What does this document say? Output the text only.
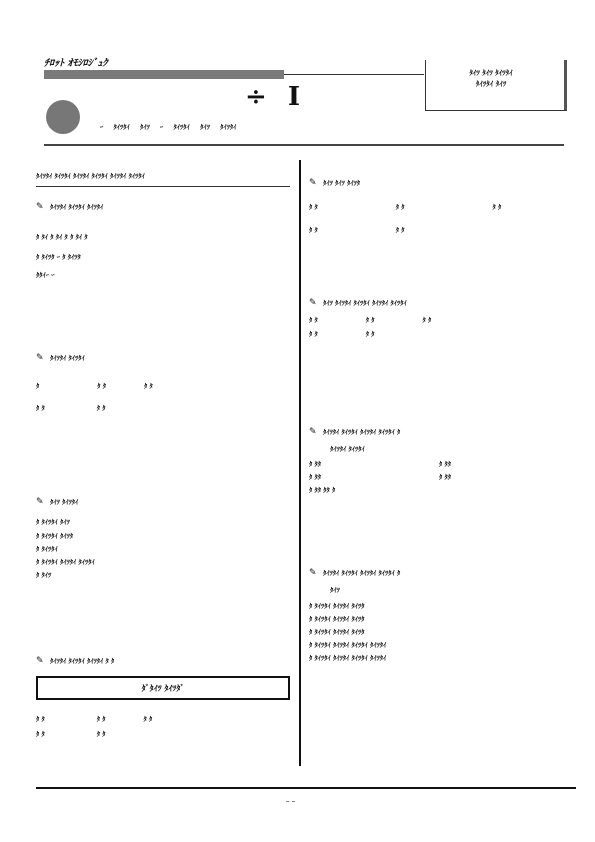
ﾁﾛｯﾄ ｵﾓｼﾛｼﾞｭｸ
ﾀｲﾂ ﾀｲﾂ ﾀｲﾂﾀｲ
ﾀｲﾂﾀｲ ﾀｲﾂ
÷ I
ｰ ﾀｲﾂﾀｲ ﾀｲﾂ ｰ ﾀｲﾂﾀｲ ﾀｲﾂ ﾀｲﾂﾀｲ
ﾀｲﾂﾀｲ ﾀｲﾂﾀｲ ﾀｲﾂﾀｲ ﾀｲﾂﾀｲ ﾀｲﾂﾀｲ ﾀｲﾂﾀｲ
✎ ﾀｲﾂﾀｲ ﾀｲﾂﾀｲ ﾀｲﾂﾀｲ
ﾀ ﾀｲ ﾀ ﾀｲ ﾀ ﾀ ﾀｲ ﾀ
ﾀ ﾀｲﾂﾀ ｰ ﾀ ﾀｲﾂﾀ
ﾀﾀｲｰ ｰ
✎ ﾀｲﾂﾀｲ ﾀｲﾂﾀｲ
ﾀ	ﾀ ﾀ	ﾀ ﾀ
ﾀ ﾀ	ﾀ ﾀ
✎ ﾀｲﾂ ﾀｲﾂﾀｲ
ﾀ ﾀｲﾂﾀｲ ﾀｲﾂ
ﾀ ﾀｲﾂﾀｲ ﾀｲﾂﾀ
ﾀ ﾀｲﾂﾀｲ
ﾀ ﾀｲﾂﾀｲ ﾀｲﾂﾀｲ ﾀｲﾂﾀｲ
ﾀ ﾀｲﾂ
✎ ﾀｲﾂﾀｲ ﾀｲﾂﾀｲ ﾀｲﾂﾀｲ ﾀ ﾀ
ﾀﾞﾀｲﾂ ﾀｲﾂﾀﾞ
ﾀ ﾀ	ﾀ ﾀ	ﾀ ﾀ
ﾀ ﾀ	ﾀ ﾀ
✎ ﾀｲﾂ ﾀｲﾂ ﾀｲﾂﾀ
ﾀ ﾀ	ﾀ ﾀ	ﾀ ﾀ
ﾀ ﾀ	ﾀ ﾀ
✎ ﾀｲﾂ ﾀｲﾂﾀｲ ﾀｲﾂﾀｲ ﾀｲﾂﾀｲ ﾀｲﾂﾀｲ
ﾀ ﾀ	ﾀ ﾀ	ﾀ ﾀ
ﾀ ﾀ	ﾀ ﾀ
✎ ﾀｲﾂﾀｲ ﾀｲﾂﾀｲ ﾀｲﾂﾀｲ ﾀｲﾂﾀｲ ﾀ
ﾀｲﾂﾀｲ ﾀｲﾂﾀｲ
ﾀ ﾀﾀ	ﾀ ﾀﾀ
ﾀ ﾀﾀ	ﾀ ﾀﾀ
ﾀ ﾀﾀ ﾀﾀ ﾀ
✎ ﾀｲﾂﾀｲ ﾀｲﾂﾀｲ ﾀｲﾂﾀｲ ﾀｲﾂﾀｲ ﾀ
ﾀｲﾂ
ﾀ ﾀｲﾂﾀｲ ﾀｲﾂﾀｲ ﾀｲﾂﾀ
ﾀ ﾀｲﾂﾀｲ ﾀｲﾂﾀｲ ﾀｲﾂﾀ
ﾀ ﾀｲﾂﾀｲ ﾀｲﾂﾀｲ ﾀｲﾂﾀ
ﾀ ﾀｲﾂﾀｲ ﾀｲﾂﾀｲ ﾀｲﾂﾀｲ ﾀｲﾂﾀｲ
ﾀ ﾀｲﾂﾀｲ ﾀｲﾂﾀｲ ﾀｲﾂﾀｲ ﾀｲﾂﾀｲ
ｰ ｰ
